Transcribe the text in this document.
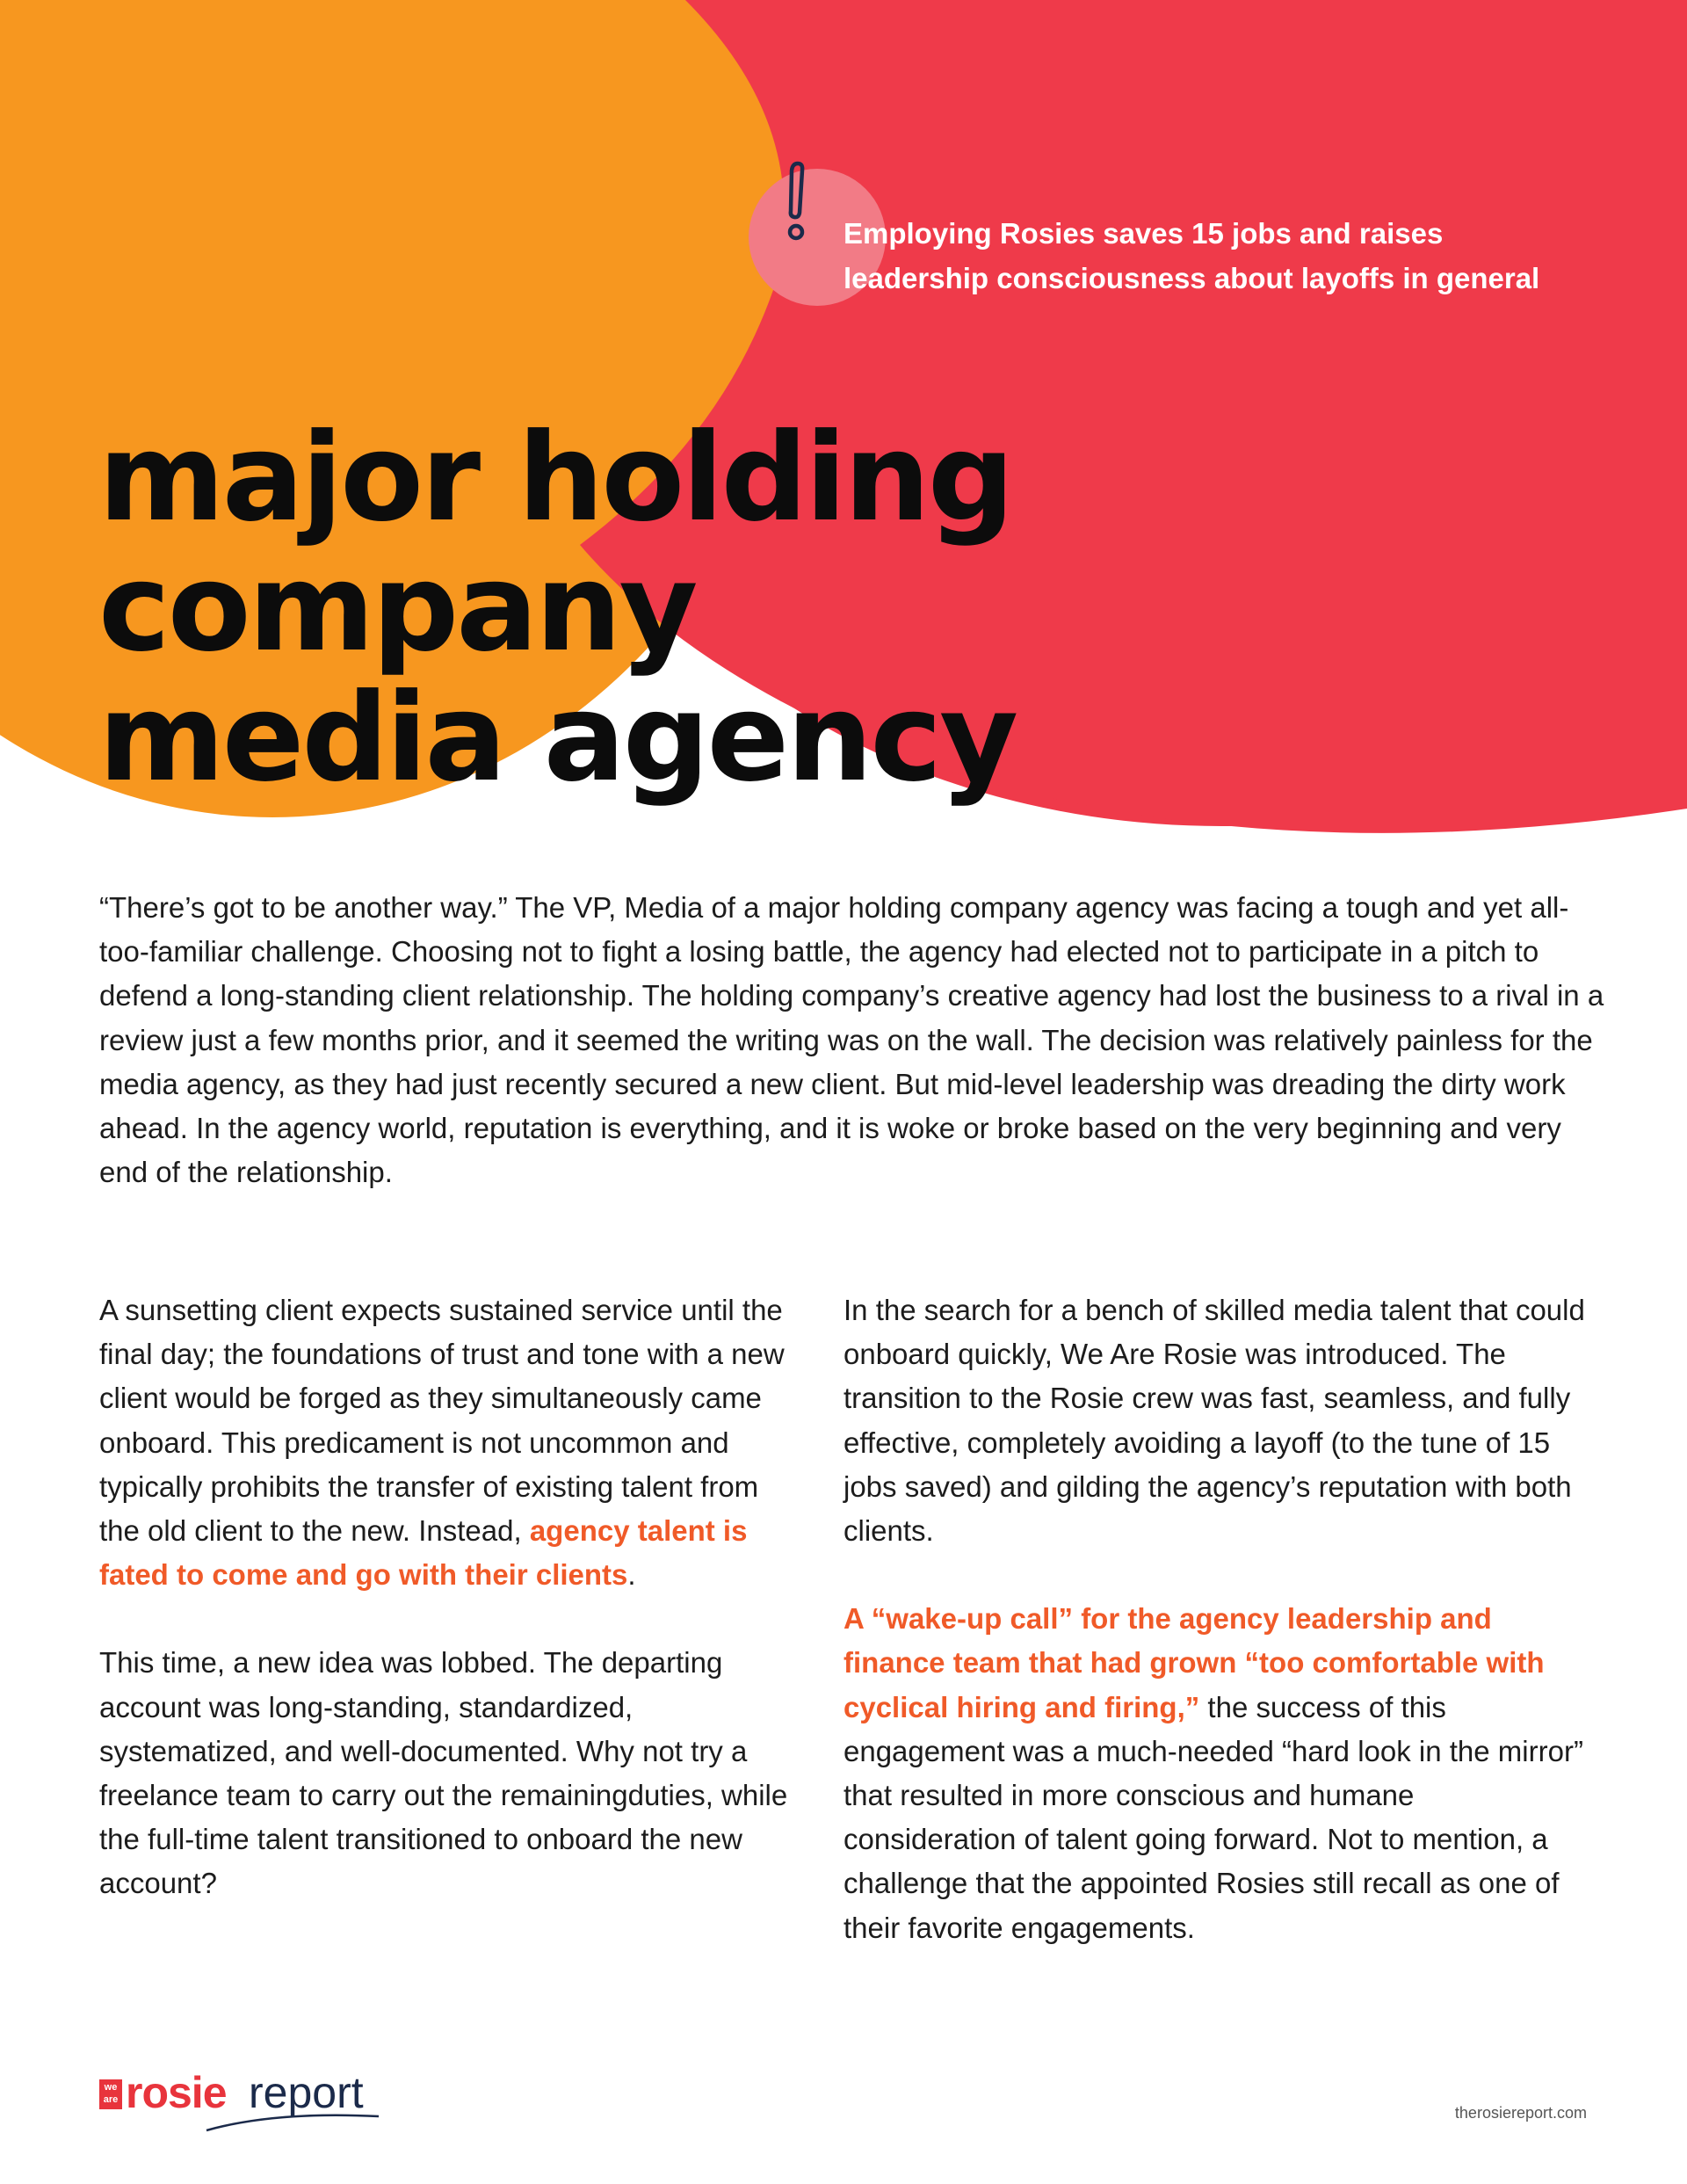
Employing Rosies saves 15 jobs and raises
leadership consciousness about layoffs in general
major holding
company
media agency

“There’s got to be another way.” The VP, Media of a major holding company agency was facing a tough and yet all-too-familiar challenge. Choosing not to fight a losing battle, the agency had elected not to participate in a pitch to defend a long-standing client relationship. The holding company’s creative agency had lost the business to a rival in a review just a few months prior, and it seemed the writing was on the wall. The decision was relatively painless for the media agency, as they had just recently secured a new client. But mid-level leadership was dreading the dirty work ahead. In the agency world, reputation is everything, and it is woke or broke based on the very beginning and very end of the relationship.

A sunsetting client expects sustained service until the final day; the foundations of trust and tone with a new client would be forged as they simultaneously came onboard. This predicament is not uncommon and typically prohibits the transfer of existing talent from the old client to the new. Instead, agency talent is fated to come and go with their clients.

This time, a new idea was lobbed. The departing account was long-standing, standardized, systematized, and well-documented. Why not try a freelance team to carry out the remainingduties, while the full-time talent transitioned to onboard the new account?

In the search for a bench of skilled media talent that could onboard quickly, We Are Rosie was introduced. The transition to the Rosie crew was fast, seamless, and fully effective, completely avoiding a layoff (to the tune of 15 jobs saved) and gilding the agency’s reputation with both clients.

A “wake-up call” for the agency leadership and finance team that had grown “too comfortable with cyclical hiring and firing,” the success of this engagement was a much-needed “hard look in the mirror” that resulted in more conscious and humane consideration of talent going forward. Not to mention, a challenge that the appointed Rosies still recall as one of their favorite engagements.

we are rosie report	therosiereport.com
